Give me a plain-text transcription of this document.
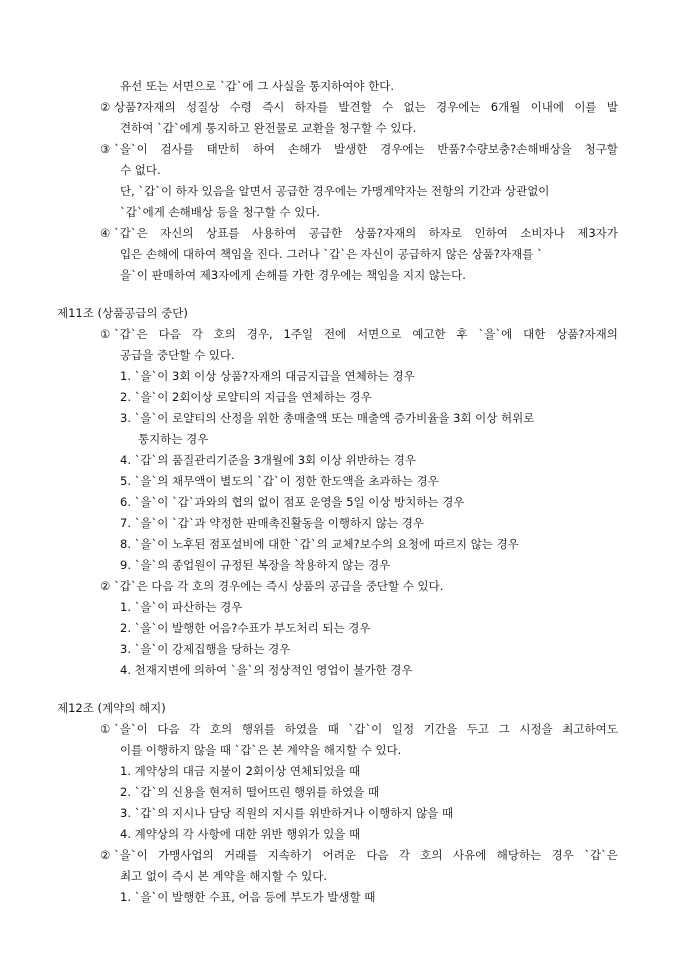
유선 또는 서면으로 `갑`에 그 사실을 통지하여야 한다.
② 상품?자재의 성질상 수령 즉시 하자를 발견할 수 없는 경우에는 6개월 이내에 이를 발
견하여 `갑`에게 통지하고 완전물로 교환을 청구할 수 있다.
③ `을`이 검사를 태만히 하여 손해가 발생한 경우에는 반품?수량보충?손해배상을 청구할
수 없다.
단, `갑`이 하자 있음을 알면서 공급한 경우에는 가맹계약자는 전항의 기간과 상관없이
`갑`에게 손해배상 등을 청구할 수 있다.
④ `갑`은 자신의 상표를 사용하여 공급한 상품?자재의 하자로 인하여 소비자나 제3자가
입은 손해에 대하여 책임을 진다. 그러나 `갑`은 자신이 공급하지 않은 상품?자재를 `
을`이 판매하여 제3자에게 손해를 가한 경우에는 책임을 지지 않는다.
제11조 (상품공급의 중단)
① `갑`은 다음 각 호의 경우, 1주일 전에 서면으로 예고한 후 `을`에 대한 상품?자재의
공급을 중단할 수 있다.
1. `을`이 3회 이상 상품?자재의 대금지급을 연체하는 경우
2. `을`이 2회이상 로얄티의 지급을 연체하는 경우
3. `을`이 로얄티의 산정을 위한 총매출액 또는 매출액 증가비율을 3회 이상 허위로
통지하는 경우
4. `갑`의 품질관리기준을 3개월에 3회 이상 위반하는 경우
5. `을`의 채무액이 별도의 `갑`이 정한 한도액을 초과하는 경우
6. `을`이 `갑`과와의 협의 없이 점포 운영을 5일 이상 방치하는 경우
7. `을`이 `갑`과 약정한 판매촉진활동을 이행하지 않는 경우
8. `을`이 노후된 점포설비에 대한 `갑`의 교체?보수의 요청에 따르지 않는 경우
9. `을`의 종업원이 규정된 복장을 착용하지 않는 경우
② `갑`은 다음 각 호의 경우에는 즉시 상품의 공급을 중단할 수 있다.
1. `을`이 파산하는 경우
2. `을`이 발행한 어음?수표가 부도처리 되는 경우
3. `을`이 강제집행을 당하는 경우
4. 천재지변에 의하여 `을`의 정상적인 영업이 불가한 경우
제12조 (계약의 해지)
① `을`이 다음 각 호의 행위를 하였을 때 `갑`이 일정 기간을 두고 그 시정을 최고하여도
이를 이행하지 않을 때 `갑`은 본 계약을 해지할 수 있다.
1. 계약상의 대금 지불이 2회이상 연체되었을 때
2. `갑`의 신용을 현저히 떨어뜨린 행위를 하였을 때
3. `갑`의 지시나 담당 직원의 지시를 위반하거나 이행하지 않을 때
4. 계약상의 각 사항에 대한 위반 행위가 있을 때
② `을`이 가맹사업의 거래를 지속하기 어려운 다음 각 호의 사유에 해당하는 경우 `갑`은
최고 없이 즉시 본 계약을 해지할 수 있다.
1. `을`이 발행한 수표, 어음 등에 부도가 발생할 때
